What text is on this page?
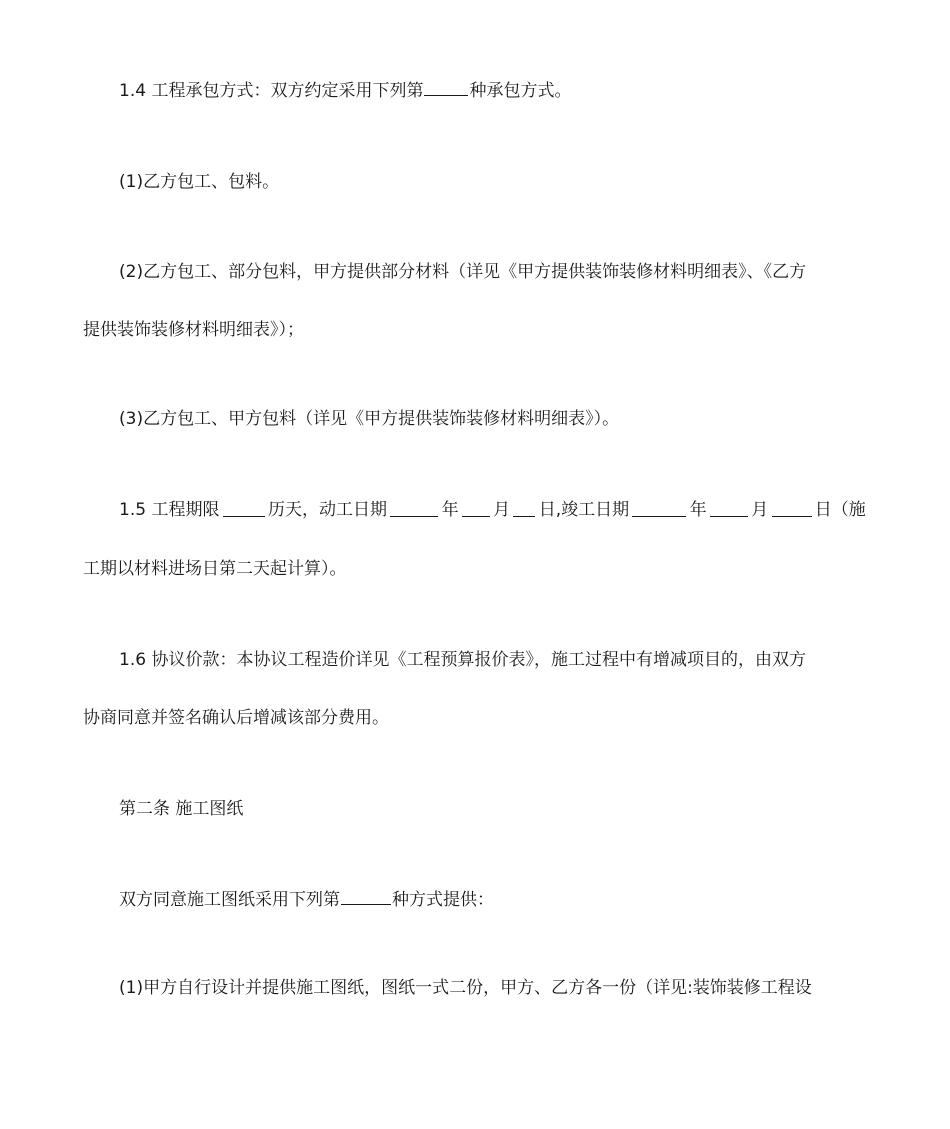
1.4 工程承包方式：双方约定采用下列第	种承包方式。
(1)乙方包工、包料。
(2)乙方包工、部分包料，甲方提供部分材料（详见《甲方提供装饰装修材料明细表》、《乙方
提供装饰装修材料明细表》）；
(3)乙方包工、甲方包料（详见《甲方提供装饰装修材料明细表》）。
1.5 工程期限	历天，动工日期	年 月 日,竣工日期	年	月	日（施
工期以材料进场日第二天起计算）。
1.6 协议价款：本协议工程造价详见《工程预算报价表》，施工过程中有增减项目的，由双方
协商同意并签名确认后增减该部分费用。
第二条 施工图纸
双方同意施工图纸采用下列第	种方式提供：
(1)甲方自行设计并提供施工图纸，图纸一式二份，甲方、乙方各一份（详见:装饰装修工程设
